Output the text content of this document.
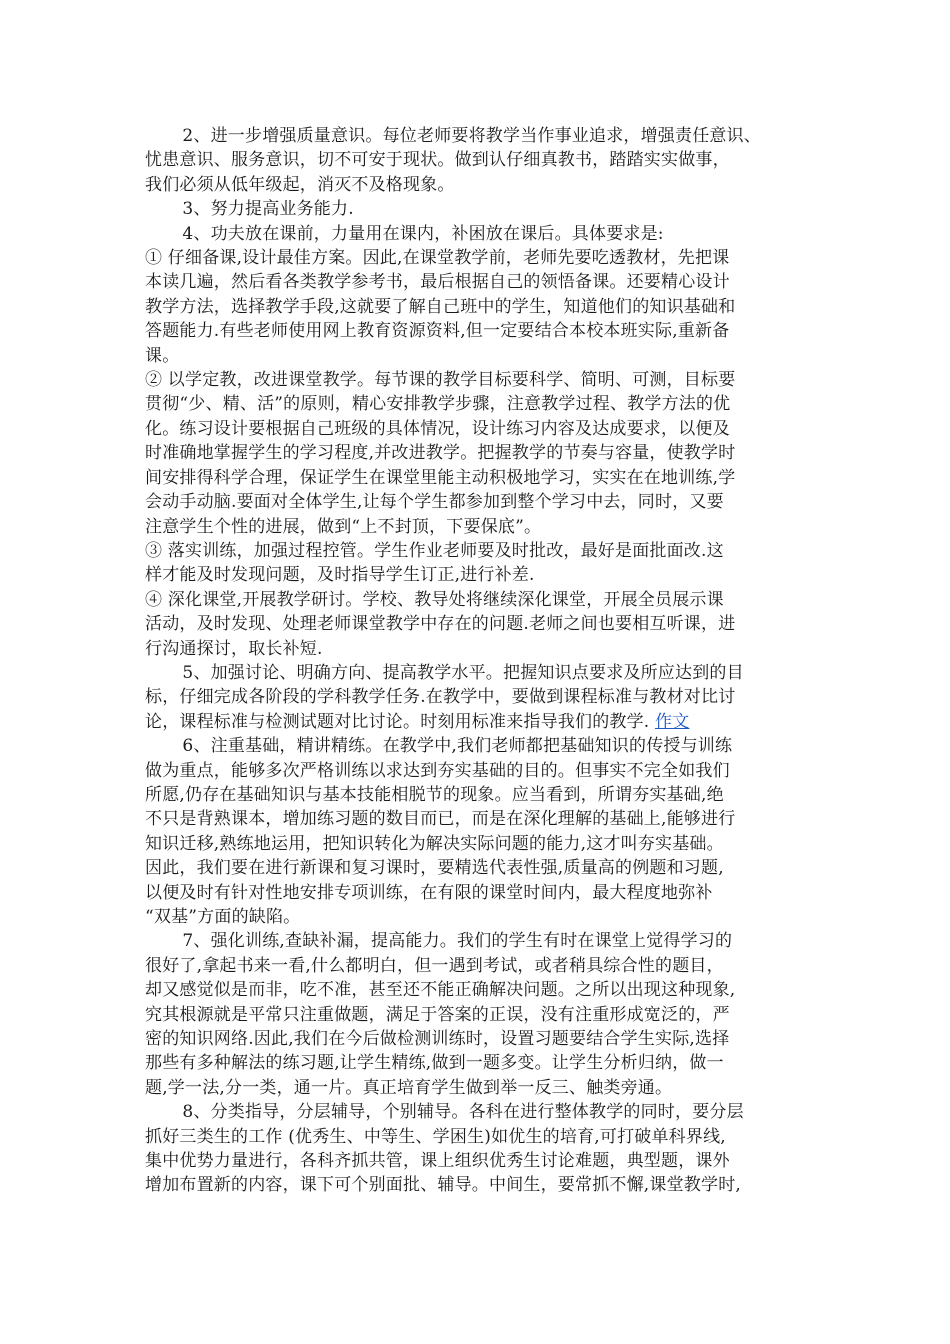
2、进一步增强质量意识。每位老师要将教学当作事业追求，增强责任意识、
忧患意识、服务意识，切不可安于现状。做到认仔细真教书，踏踏实实做事，
我们必须从低年级起，消灭不及格现象。

3、努力提高业务能力.

4、功夫放在课前，力量用在课内，补困放在课后。具体要求是:

① 仔细备课,设计最佳方案。因此,在课堂教学前，老师先要吃透教材，先把课
本读几遍，然后看各类教学参考书，最后根据自己的领悟备课。还要精心设计
教学方法，选择教学手段,这就要了解自己班中的学生，知道他们的知识基础和
答题能力.有些老师使用网上教育资源资料,但一定要结合本校本班实际,重新备
课。

② 以学定教，改进课堂教学。每节课的教学目标要科学、简明、可测，目标要
贯彻“少、精、活”的原则，精心安排教学步骤，注意教学过程、教学方法的优
化。练习设计要根据自己班级的具体情况，设计练习内容及达成要求，以便及
时准确地掌握学生的学习程度,并改进教学。把握教学的节奏与容量，使教学时
间安排得科学合理，保证学生在课堂里能主动积极地学习，实实在在地训练,学
会动手动脑.要面对全体学生,让每个学生都参加到整个学习中去，同时，又要
注意学生个性的进展，做到“上不封顶，下要保底”。

③ 落实训练，加强过程控管。学生作业老师要及时批改，最好是面批面改.这
样才能及时发现问题，及时指导学生订正,进行补差.

④ 深化课堂,开展教学研讨。学校、教导处将继续深化课堂，开展全员展示课
活动，及时发现、处理老师课堂教学中存在的问题.老师之间也要相互听课，进
行沟通探讨，取长补短.

5、加强讨论、明确方向、提高教学水平。把握知识点要求及所应达到的目
标，仔细完成各阶段的学科教学任务.在教学中，要做到课程标准与教材对比讨
论，课程标准与检测试题对比讨论。时刻用标准来指导我们的教学. 作文

6、注重基础，精讲精练。在教学中,我们老师都把基础知识的传授与训练
做为重点，能够多次严格训练以求达到夯实基础的目的。但事实不完全如我们
所愿,仍存在基础知识与基本技能相脱节的现象。应当看到，所谓夯实基础,绝
不只是背熟课本，增加练习题的数目而已，而是在深化理解的基础上,能够进行
知识迁移,熟练地运用，把知识转化为解决实际问题的能力,这才叫夯实基础。
因此，我们要在进行新课和复习课时，要精选代表性强,质量高的例题和习题,
以便及时有针对性地安排专项训练，在有限的课堂时间内，最大程度地弥补
“双基”方面的缺陷。

7、强化训练,查缺补漏，提高能力。我们的学生有时在课堂上觉得学习的
很好了,拿起书来一看,什么都明白，但一遇到考试，或者稍具综合性的题目，
却又感觉似是而非，吃不准，甚至还不能正确解决问题。之所以出现这种现象,
究其根源就是平常只注重做题，满足于答案的正误，没有注重形成宽泛的，严
密的知识网络.因此,我们在今后做检测训练时，设置习题要结合学生实际,选择
那些有多种解法的练习题,让学生精练,做到一题多变。让学生分析归纳，做一
题,学一法,分一类，通一片。真正培育学生做到举一反三、触类旁通。

8、分类指导，分层辅导，个别辅导。各科在进行整体教学的同时，要分层
抓好三类生的工作 (优秀生、中等生、学困生)如优生的培育,可打破单科界线,
集中优势力量进行，各科齐抓共管，课上组织优秀生讨论难题，典型题，课外
增加布置新的内容，课下可个别面批、辅导。中间生，要常抓不懈,课堂教学时,
